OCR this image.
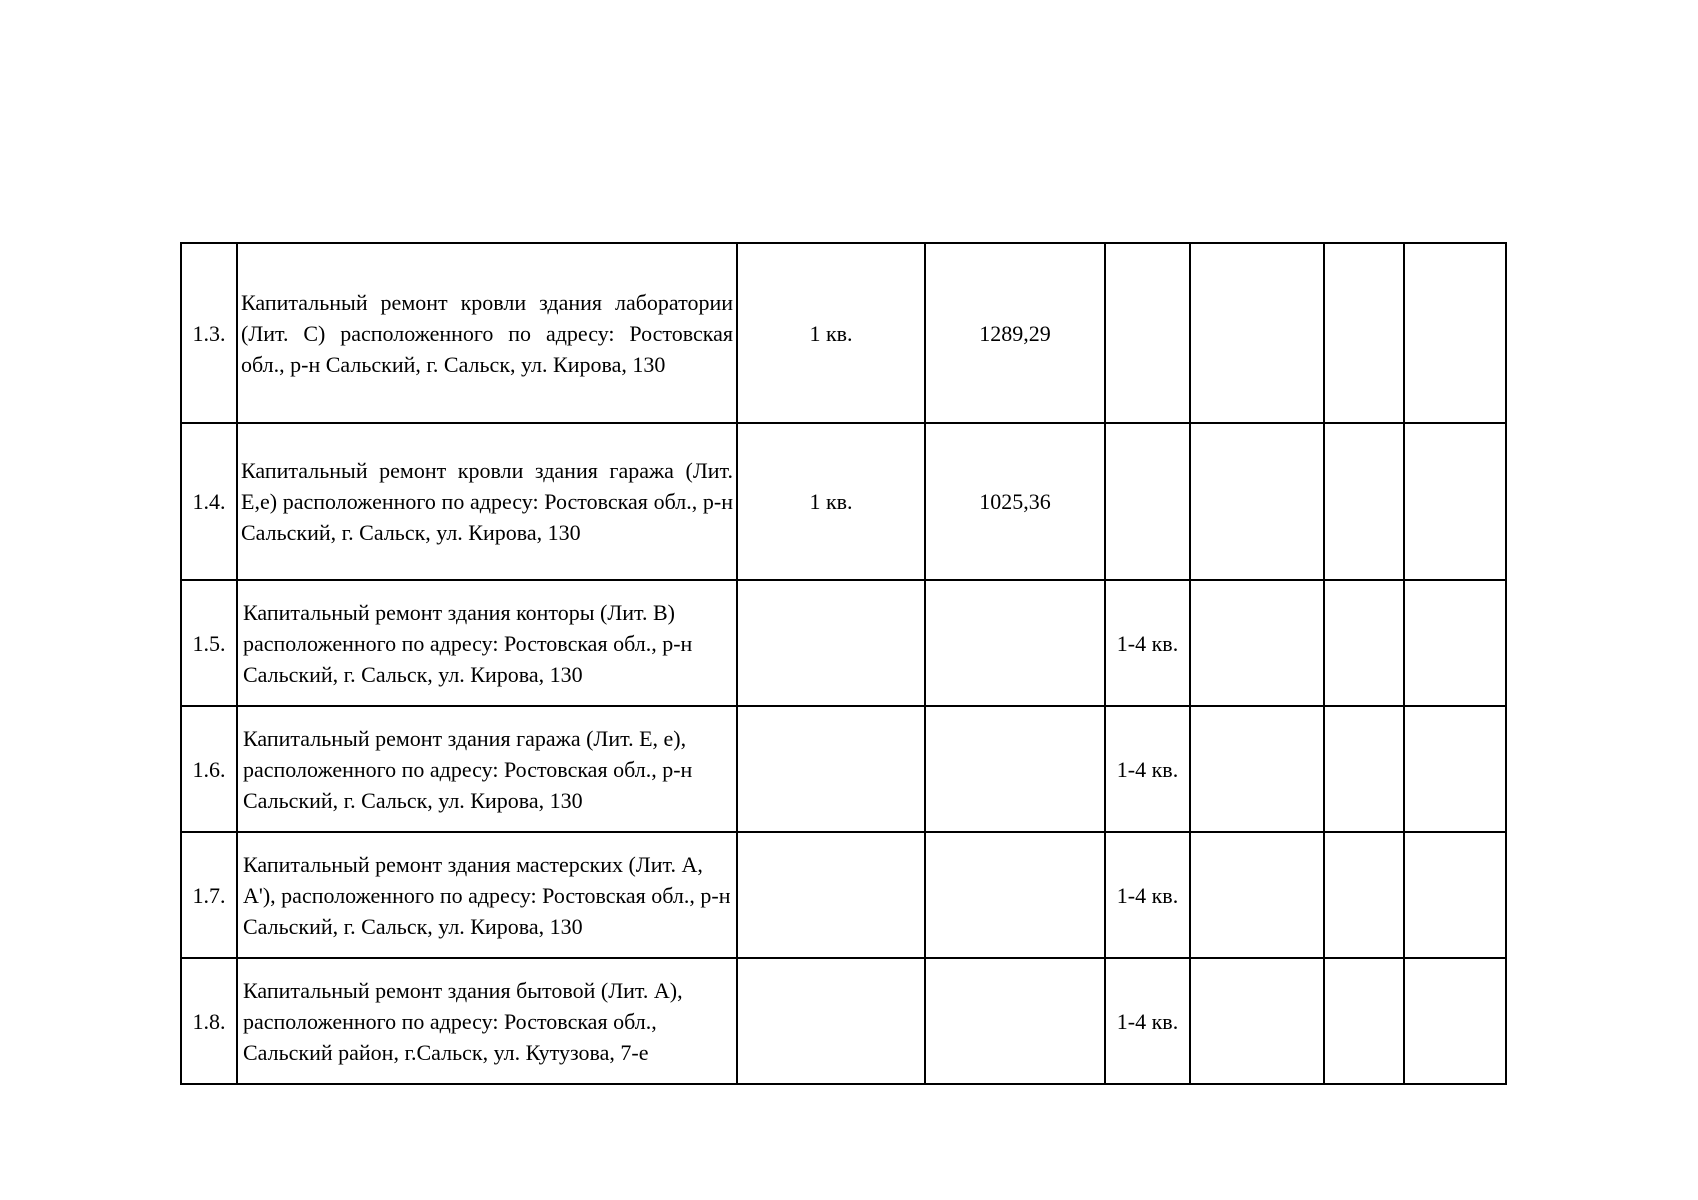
1.3.	Капитальный ремонт кровли здания лаборатории (Лит. С) расположенного по адресу: Ростовская обл., р-н Сальский, г. Сальск, ул. Кирова, 130	1 кв.	1289,29				
1.4.	Капитальный ремонт кровли здания гаража (Лит. Е,е) расположенного по адресу: Ростовская обл., р-н Сальский, г. Сальск, ул. Кирова, 130	1 кв.	1025,36				
1.5.	Капитальный ремонт здания конторы (Лит. В) расположенного по адресу: Ростовская обл., р-н Сальский, г. Сальск, ул. Кирова, 130			1-4 кв.			
1.6.	Капитальный ремонт здания гаража (Лит. Е, е), расположенного по адресу: Ростовская обл., р-н Сальский, г. Сальск, ул. Кирова, 130			1-4 кв.			
1.7.	Капитальный ремонт здания мастерских (Лит. А, А'), расположенного по адресу: Ростовская обл., р-н Сальский, г. Сальск, ул. Кирова, 130			1-4 кв.			
1.8.	Капитальный ремонт здания бытовой (Лит. А), расположенного по адресу: Ростовская обл., Сальский район, г.Сальск, ул. Кутузова, 7-е			1-4 кв.			
